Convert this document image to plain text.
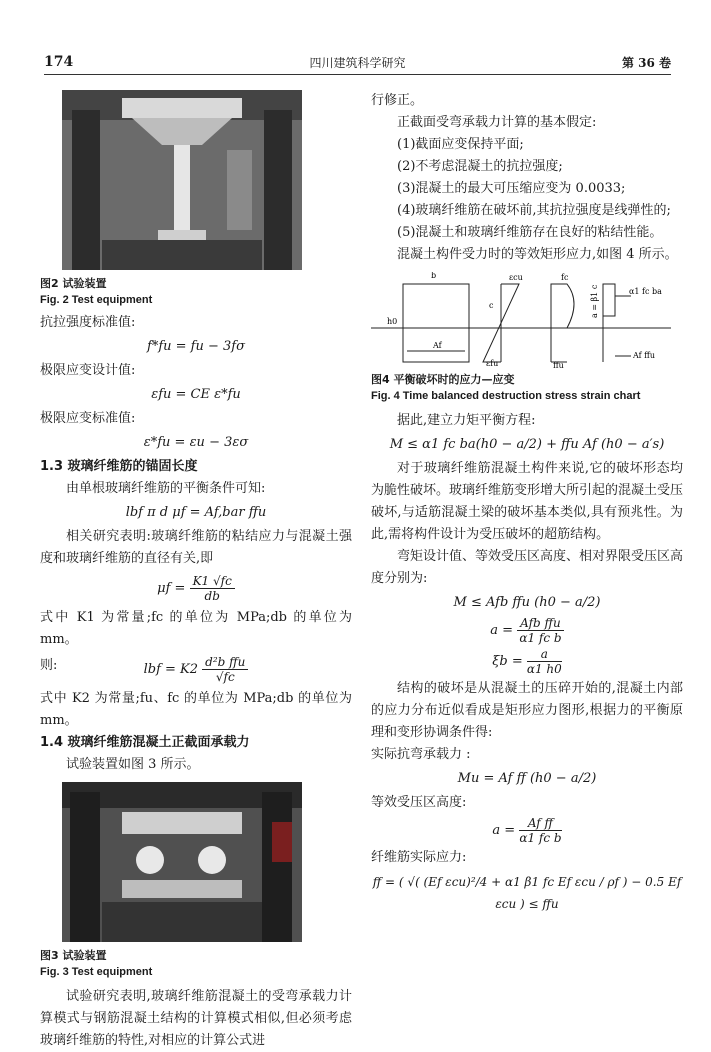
174	四川建筑科学研究	第 36 卷

图2 试验装置

Fig. 2 Test equipment

抗拉强度标准值:

f*fu = fu − 3fσ

极限应变设计值:

εfu = CE ε*fu

极限应变标准值:

ε*fu = εu − 3εσ

1.3 玻璃纤维筋的锚固长度

由单根玻璃纤维筋的平衡条件可知:

lbf π d μf = Af,bar ffu

相关研究表明:玻璃纤维筋的粘结应力与混凝土强度和玻璃纤维筋的直径有关,即

$\mu f = \frac{K1 √fc}{db}$

式中 K1 为常量;fc 的单位为 MPa;db 的单位为 mm。

则:	lbf = $K2 \frac{\text{d²b ffu}}{√fc}$

式中 K2 为常量;fu、fc 的单位为 MPa;db 的单位为 mm。

1.4 玻璃纤维筋混凝土正截面承载力

试验装置如图 3 所示。

图3 试验装置

Fig. 3 Test equipment

试验研究表明,玻璃纤维筋混凝土的受弯承载力计算模式与钢筋混凝土结构的计算模式相似,但必须考虑玻璃纤维筋的特性,对相应的计算公式进

行修正。

正截面受弯承载力计算的基本假定:

(1)截面应变保持平面;

(2)不考虑混凝土的抗拉强度;

(3)混凝土的最大可压缩应变为 0.0033;

(4)玻璃纤维筋在破坏前,其抗拉强度是线弹性的;

(5)混凝土和玻璃纤维筋存在良好的粘结性能。

混凝土构件受力时的等效矩形应力,如图 4 所示。

b
h0
Af
εcu
εfu
c
fc
ffu
α1 fc ba
Af ffu
a = β1 c

图4 平衡破坏时的应力—应变

Fig. 4 Time balanced destruction stress strain chart

据此,建立力矩平衡方程:

M ≤ α1 fc ba(h0 − a/2) + ffu Af (h0 − a′s)

对于玻璃纤维筋混凝土构件来说,它的破坏形态均为脆性破坏。玻璃纤维筋变形增大所引起的混凝土受压破坏,与适筋混凝土梁的破坏基本类似,具有预兆性。为此,需将构件设计为受压破坏的超筋结构。

弯矩设计值、等效受压区高度、相对界限受压区高度分别为:

M ≤ Afb ffu (h0 − a/2)

$a = \frac{\text{Afb ffu}}{\text{α1 fc b}}$
$\xi b = \frac{a}{\alpha 1 h0}$

结构的破坏是从混凝土的压碎开始的,混凝土内部的应力分布近似看成是矩形应力图形,根据力的平衡原理和变形协调条件得:

实际抗弯承载力 :

Mu = Af ff (h0 − a/2)

等效受压区高度:

$a = \frac{\text{Af ff}}{\text{α1 fc b}}$

纤维筋实际应力:

ff = ( √( (Ef εcu)²/4 + α1 β1 fc Ef εcu / ρf ) − 0.5 Ef εcu ) ≤ ffu
